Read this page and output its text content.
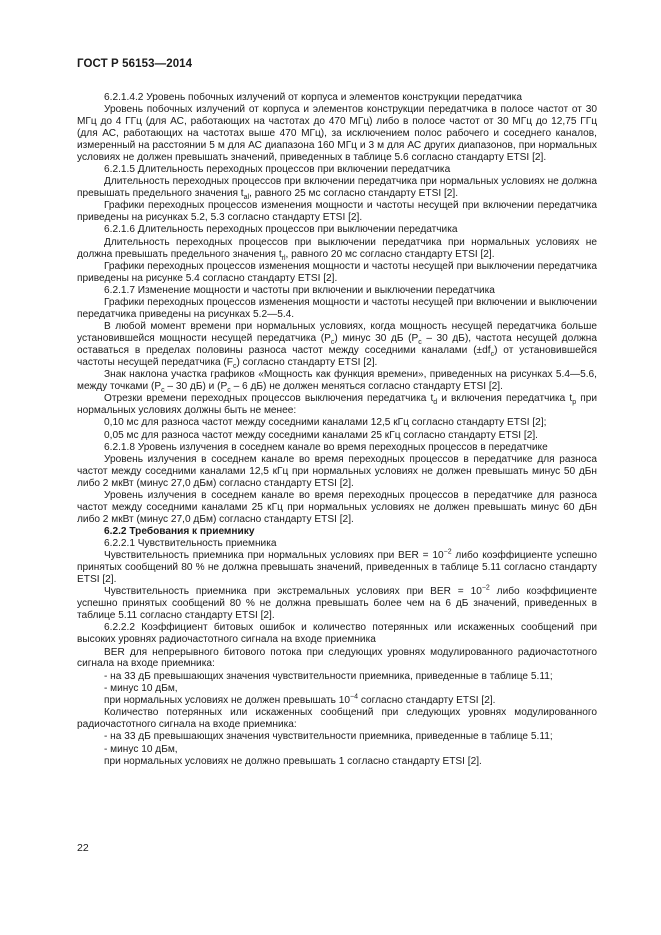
ГОСТ Р 56153—2014

6.2.1.4.2 Уровень побочных излучений от корпуса и элементов конструкции передатчика

Уровень побочных излучений от корпуса и элементов конструкции передатчика в полосе частот от 30 МГц до 4 ГГц (для АС, работающих на частотах до 470 МГц) либо в полосе частот от 30 МГц до 12,75 ГГц (для АС, работающих на частотах выше 470 МГц), за исключением полос рабочего и соседнего каналов, измеренный на расстоянии 5 м для АС диапазона 160 МГц и 3 м для АС других диапазонов, при нормальных условиях не должен превышать значений, приведенных в таблице 5.6 согласно стандарту ETSI [2].

6.2.1.5 Длительность переходных процессов при включении передатчика

Длительность переходных процессов при включении передатчика при нормальных условиях не должна превышать предельного значения $t_{al}$, равного 25 мс согласно стандарту ETSI [2].

Графики переходных процессов изменения мощности и частоты несущей при включении передатчика приведены на рисунках 5.2, 5.3 согласно стандарту ETSI [2].

6.2.1.6 Длительность переходных процессов при выключении передатчика

Длительность переходных процессов при выключении передатчика при нормальных условиях не должна превышать предельного значения $t_{rl}$, равного 20 мс согласно стандарту ETSI [2].

Графики переходных процессов изменения мощности и частоты несущей при выключении передатчика приведены на рисунке 5.4 согласно стандарту ETSI [2].

6.2.1.7 Изменение мощности и частоты при включении и выключении передатчика

Графики переходных процессов изменения мощности и частоты несущей при включении и выключении передатчика приведены на рисунках 5.2—5.4.

В любой момент времени при нормальных условиях, когда мощность несущей передатчика больше установившейся мощности несущей передатчика $(P_c)$ минус 30 дБ ($P_c - 30$ дБ), частота несущей должна оставаться в пределах половины разноса частот между соседними каналами $(\pm df_c)$ от установившейся частоты несущей передатчика $(F_c)$ согласно стандарту ETSI [2].

Знак наклона участка графиков «Мощность как функция времени», приведенных на рисунках 5.4—5.6, между точками ($P_c - 30$ дБ) и ($P_c - 6$ дБ) не должен меняться согласно стандарту ETSI [2].

Отрезки времени переходных процессов выключения передатчика $t_d$ и включения передатчика $t_p$ при нормальных условиях должны быть не менее:

0,10 мс для разноса частот между соседними каналами 12,5 кГц согласно стандарту ETSI [2];

0,05 мс для разноса частот между соседними каналами 25 кГц согласно стандарту ETSI [2].

6.2.1.8 Уровень излучения в соседнем канале во время переходных процессов в передатчике

Уровень излучения в соседнем канале во время переходных процессов в передатчике для разноса частот между соседними каналами 12,5 кГц при нормальных условиях не должен превышать минус 50 дБн либо 2 мкВт (минус 27,0 дБм) согласно стандарту ETSI [2].

Уровень излучения в соседнем канале во время переходных процессов в передатчике для разноса частот между соседними каналами 25 кГц при нормальных условиях не должен превышать минус 60 дБн либо 2 мкВт (минус 27,0 дБм) согласно стандарту ETSI [2].

6.2.2 Требования к приемнику

6.2.2.1 Чувствительность приемника

Чувствительность приемника при нормальных условиях при BER = $10^{-2}$ либо коэффициенте успешно принятых сообщений 80 % не должна превышать значений, приведенных в таблице 5.11 согласно стандарту ETSI [2].

Чувствительность приемника при экстремальных условиях при BER = $10^{-2}$ либо коэффициенте успешно принятых сообщений 80 % не должна превышать более чем на 6 дБ значений, приведенных в таблице 5.11 согласно стандарту ETSI [2].

6.2.2.2 Коэффициент битовых ошибок и количество потерянных или искаженных сообщений при высоких уровнях радиочастотного сигнала на входе приемника

BER для непрерывного битового потока при следующих уровнях модулированного радиочастотного сигнала на входе приемника:

- на 33 дБ превышающих значения чувствительности приемника, приведенные в таблице 5.11;

- минус 10 дБм,

при нормальных условиях не должен превышать $10^{-4}$ согласно стандарту ETSI [2].

Количество потерянных или искаженных сообщений при следующих уровнях модулированного радиочастотного сигнала на входе приемника:

- на 33 дБ превышающих значения чувствительности приемника, приведенные в таблице 5.11;

- минус 10 дБм,

при нормальных условиях не должно превышать 1 согласно стандарту ETSI [2].

22
